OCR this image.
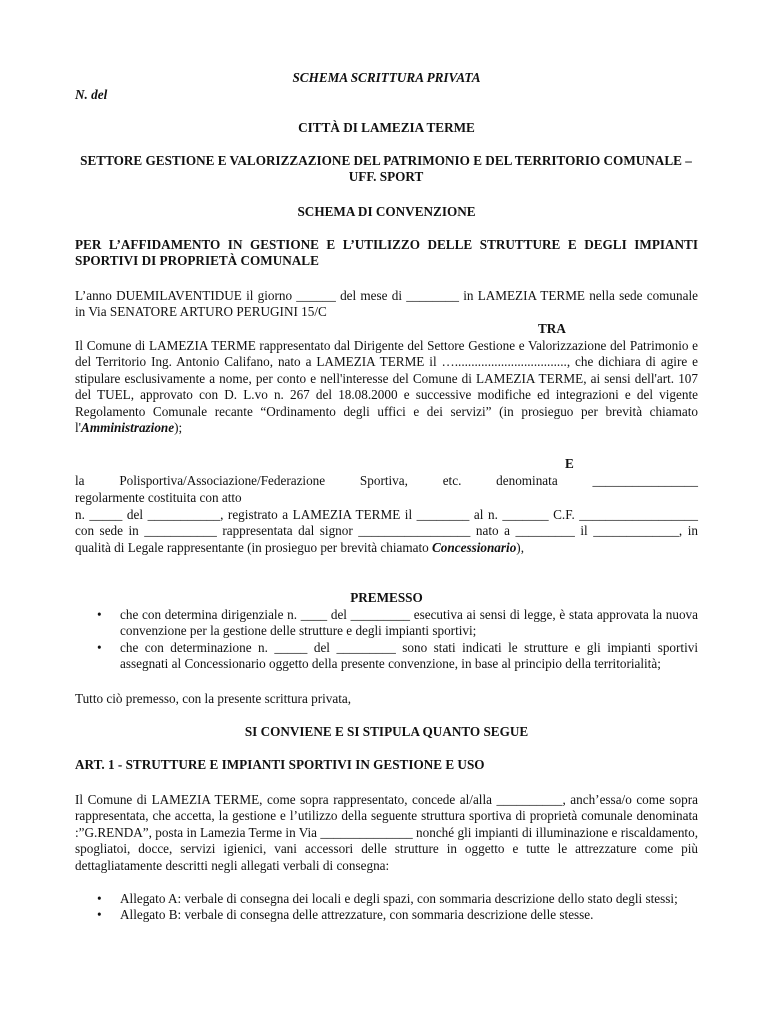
SCHEMA SCRITTURA PRIVATA

N. del

CITTÀ DI LAMEZIA TERME

SETTORE GESTIONE E VALORIZZAZIONE DEL PATRIMONIO E DEL TERRITORIO COMUNALE – UFF. SPORT

SCHEMA DI CONVENZIONE

PER L’AFFIDAMENTO IN GESTIONE E L’UTILIZZO DELLE STRUTTURE E DEGLI IMPIANTI SPORTIVI DI PROPRIETÀ COMUNALE

L’anno DUEMILAVENTIDUE il giorno ______ del mese di ________ in LAMEZIA TERME nella sede comunale in Via SENATORE ARTURO PERUGINI 15/C

TRA

Il Comune di LAMEZIA TERME rappresentato dal Dirigente del Settore Gestione e Valorizzazione del Patrimonio e del Territorio Ing. Antonio Califano, nato a LAMEZIA TERME il ….................................., che dichiara di agire e stipulare esclusivamente a nome, per conto e nell'interesse del Comune di LAMEZIA TERME, ai sensi dell'art. 107 del TUEL, approvato con D. L.vo n. 267 del 18.08.2000 e successive modifiche ed integrazioni e del vigente Regolamento Comunale recante “Ordinamento degli uffici e dei servizi” (in prosieguo per brevità chiamato l'Amministrazione);

E

la	Polisportiva/Associazione/Federazione	Sportiva,	etc.	denominata	________________

regolarmente costituita con atto

n. _____ del ___________, registrato a LAMEZIA TERME il ________ al n. _______ C.F. __________________ con sede in ___________ rappresentata dal signor _________________ nato a _________ il _____________, in qualità di Legale rappresentante (in prosieguo per brevità chiamato Concessionario),

PREMESSO

• che con determina dirigenziale n. ____ del _________ esecutiva ai sensi di legge, è stata approvata la nuova convenzione per la gestione delle strutture e degli impianti sportivi;
• che con determinazione n. _____ del _________ sono stati indicati le strutture e gli impianti sportivi assegnati al Concessionario oggetto della presente convenzione, in base al principio della territorialità;

Tutto ciò premesso, con la presente scrittura privata,

SI CONVIENE E SI STIPULA QUANTO SEGUE

ART. 1 - STRUTTURE E IMPIANTI SPORTIVI IN GESTIONE E USO

Il Comune di LAMEZIA TERME, come sopra rappresentato, concede al/alla __________, anch’essa/o come sopra rappresentata, che accetta, la gestione e l’utilizzo della seguente struttura sportiva di proprietà comunale denominata :”G.RENDA”, posta in Lamezia Terme in Via ______________ nonché gli impianti di illuminazione e riscaldamento, spogliatoi, docce, servizi igienici, vani accessori delle strutture in oggetto e tutte le attrezzature come più dettagliatamente descritti negli allegati verbali di consegna:

• Allegato A: verbale di consegna dei locali e degli spazi, con sommaria descrizione dello stato degli stessi;
• Allegato B: verbale di consegna delle attrezzature, con sommaria descrizione delle stesse.
